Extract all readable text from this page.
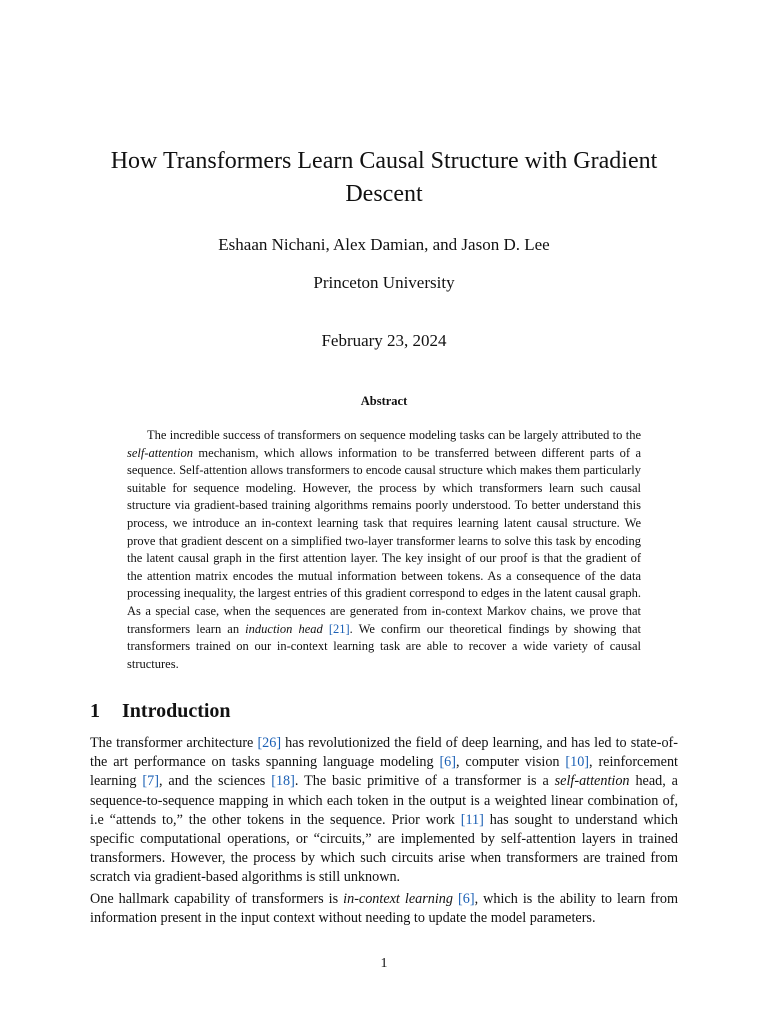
How Transformers Learn Causal Structure with Gradient Descent
Eshaan Nichani, Alex Damian, and Jason D. Lee
Princeton University
February 23, 2024
Abstract

The incredible success of transformers on sequence modeling tasks can be largely attributed to the self-attention mechanism, which allows information to be transferred between different parts of a sequence. Self-attention allows transformers to encode causal structure which makes them particularly suitable for sequence modeling. However, the process by which transformers learn such causal structure via gradient-based training algorithms remains poorly understood. To better understand this process, we introduce an in-context learning task that requires learning latent causal structure. We prove that gradient descent on a simplified two-layer transformer learns to solve this task by encoding the latent causal graph in the first attention layer. The key insight of our proof is that the gradient of the attention matrix encodes the mutual information between tokens. As a consequence of the data processing inequality, the largest entries of this gradient correspond to edges in the latent causal graph. As a special case, when the sequences are generated from in-context Markov chains, we prove that transformers learn an induction head [21]. We confirm our theoretical findings by showing that transformers trained on our in-context learning task are able to recover a wide variety of causal structures.

1 Introduction

The transformer architecture [26] has revolutionized the field of deep learning, and has led to state-of-the art performance on tasks spanning language modeling [6], computer vision [10], reinforcement learning [7], and the sciences [18]. The basic primitive of a transformer is a self-attention head, a sequence-to-sequence mapping in which each token in the output is a weighted linear combination of, i.e “attends to,” the other tokens in the sequence. Prior work [11] has sought to understand which specific computational operations, or “circuits,” are implemented by self-attention layers in trained transformers. However, the process by which such circuits arise when transformers are trained from scratch via gradient-based algorithms is still unknown.

One hallmark capability of transformers is in-context learning [6], which is the ability to learn from information present in the input context without needing to update the model parameters.

1
